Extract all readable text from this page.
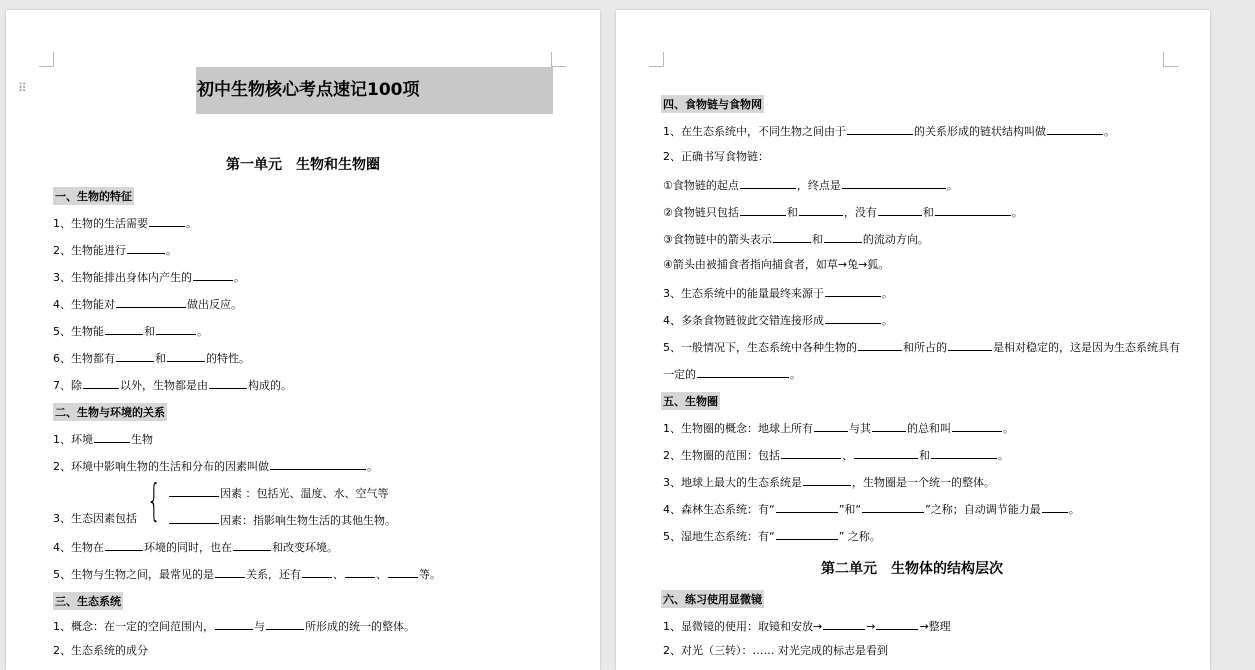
⠿	初中生物核心考点速记100项
第一单元　生物和生物圈
一、生物的特征
1、生物的生活需要	。
2、生物能进行	。
3、生物能排出身体内产生的	。
4、生物能对	做出反应。
5、生物能	和	。
6、生物都有	和	的特性。
7、除	以外，生物都是由	构成的。
二、生物与环境的关系
1、环境	生物
2、环境中影响生物的生活和分布的因素叫做	。
{	因素 ：包括光、温度、水、空气等
因素：指影响生物生活的其他生物。
3、生态因素包括
4、生物在	环境的同时，也在	和改变环境。
5、生物与生物之间，最常见的是	关系，还有	、	、	等。
三、生态系统
1、概念：在一定的空间范围内，	与	所形成的统一的整体。
2、生态系统的成分
四、食物链与食物网
1、在生态系统中，不同生物之间由于	的关系形成的链状结构叫做	。
2、正确书写食物链：
①食物链的起点	，终点是	。
②食物链只包括	和	，没有	和	。
③食物链中的箭头表示	和	的流动方向。
④箭头由被捕食者指向捕食者，如草→兔→狐。
3、生态系统中的能量最终来源于	。
4、多条食物链彼此交错连接形成	。
5、一般情况下，生态系统中各种生物的	和所占的	是相对稳定的，这是因为生态系统具有
一定的	。
五、生物圈
1、生物圈的概念：地球上所有	与其	的总和叫	。
2、生物圈的范围：包括	、	和	。
3、地球上最大的生态系统是	，生物圈是一个统一的整体。
4、森林生态系统：有“	”和“	”之称；自动调节能力最	。
5、湿地生态系统：有“	” 之称。
第二单元　生物体的结构层次
六、练习使用显微镜
1、显微镜的使用：取镜和安放→	→	→整理
2、对光（三转）：…… 对光完成的标志是看到
